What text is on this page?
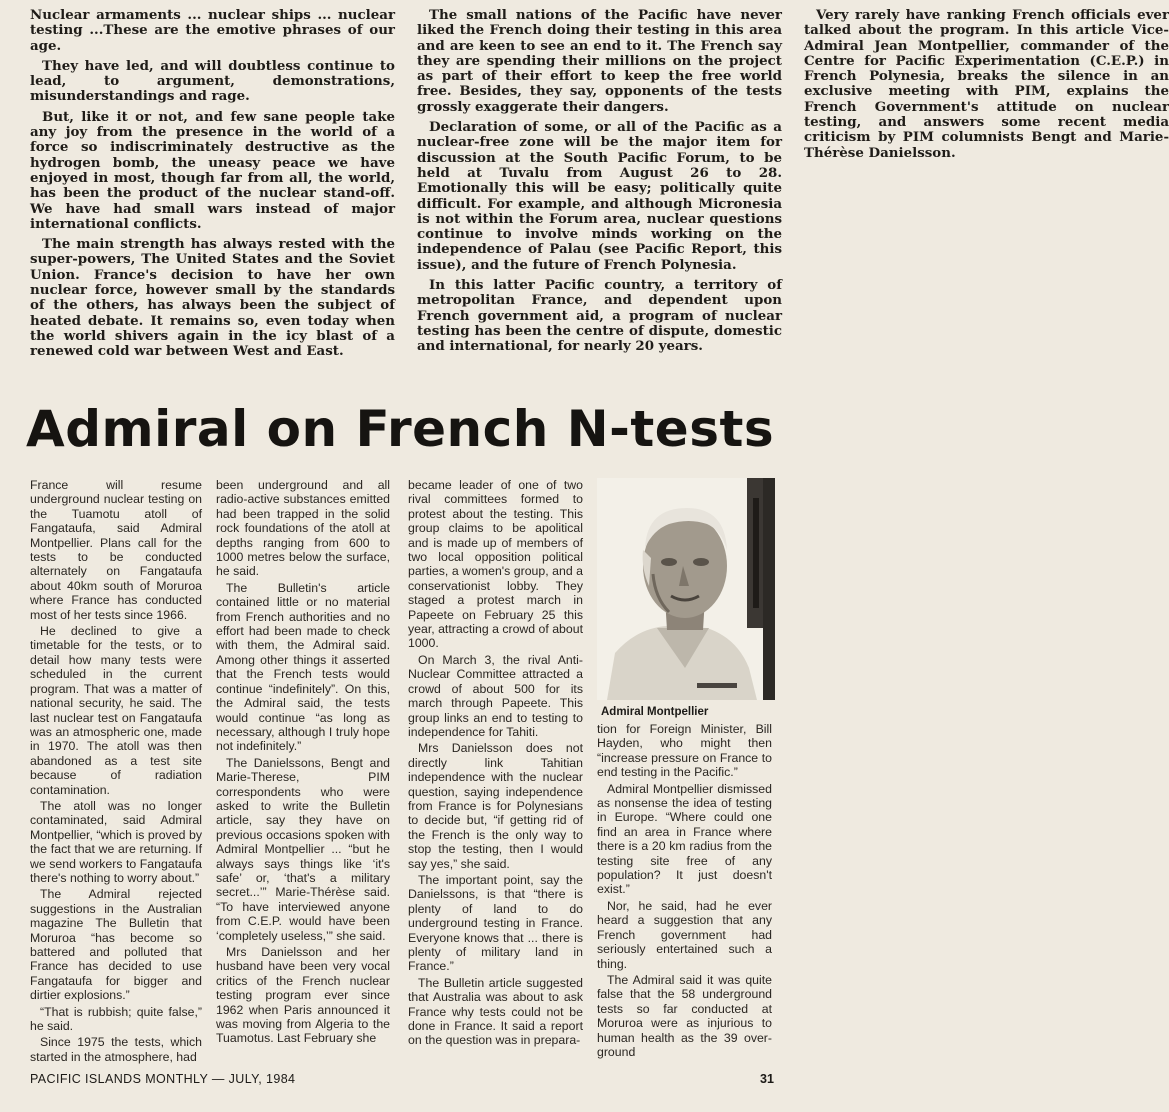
Nuclear armaments ... nuclear ships ... nuclear testing ...These are the emotive phrases of our age.

They have led, and will doubtless continue to lead, to argument, demonstrations, misunderstandings and rage.

But, like it or not, and few sane people take any joy from the presence in the world of a force so indiscriminately destructive as the hydrogen bomb, the uneasy peace we have enjoyed in most, though far from all, the world, has been the product of the nuclear stand-off. We have had small wars instead of major international conflicts.

The main strength has always rested with the super-powers, The United States and the Soviet Union. France's decision to have her own nuclear force, however small by the standards of the others, has always been the subject of heated debate. It remains so, even today when the world shivers again in the icy blast of a renewed cold war between West and East.

The small nations of the Pacific have never liked the French doing their testing in this area and are keen to see an end to it. The French say they are spending their millions on the project as part of their effort to keep the free world free. Besides, they say, opponents of the tests grossly exaggerate their dangers.

Declaration of some, or all of the Pacific as a nuclear-free zone will be the major item for discussion at the South Pacific Forum, to be held at Tuvalu from August 26 to 28. Emotionally this will be easy; politically quite difficult. For example, and although Micronesia is not within the Forum area, nuclear questions continue to involve minds working on the independence of Palau (see Pacific Report, this issue), and the future of French Polynesia.

In this latter Pacific country, a territory of metropolitan France, and dependent upon French government aid, a program of nuclear testing has been the centre of dispute, domestic and international, for nearly 20 years.

Very rarely have ranking French officials ever talked about the program. In this article Vice-Admiral Jean Montpellier, commander of the Centre for Pacific Experimentation (C.E.P.) in French Polynesia, breaks the silence in an exclusive meeting with PIM, explains the French Government's attitude on nuclear testing, and answers some recent media criticism by PIM columnists Bengt and Marie-Thérèse Danielsson.

Admiral on French N-tests

France will resume underground nuclear testing on the Tuamotu atoll of Fangataufa, said Admiral Montpellier. Plans call for the tests to be conducted alternately on Fangataufa about 40km south of Moruroa where France has conducted most of her tests since 1966.

He declined to give a timetable for the tests, or to detail how many tests were scheduled in the current program. That was a matter of national security, he said. The last nuclear test on Fangataufa was an atmospheric one, made in 1970. The atoll was then abandoned as a test site because of radiation contamination.

The atoll was no longer contaminated, said Admiral Montpellier, “which is proved by the fact that we are returning. If we send workers to Fangataufa there's nothing to worry about.”

The Admiral rejected suggestions in the Australian magazine The Bulletin that Moruroa “has become so battered and polluted that France has decided to use Fangataufa for bigger and dirtier explosions.”

“That is rubbish; quite false,” he said.

Since 1975 the tests, which started in the atmosphere, had

been underground and all radio-active substances emitted had been trapped in the solid rock foundations of the atoll at depths ranging from 600 to 1000 metres below the surface, he said.

The Bulletin's article contained little or no material from French authorities and no effort had been made to check with them, the Admiral said. Among other things it asserted that the French tests would continue “indefinitely”. On this, the Admiral said, the tests would continue “as long as necessary, although I truly hope not indefinitely.”

The Danielssons, Bengt and Marie-Therese, PIM correspondents who were asked to write the Bulletin article, say they have on previous occasions spoken with Admiral Montpellier ... “but he always says things like ‘it's safe’ or, ‘that's a military secret...’” Marie-Thérèse said. “To have interviewed anyone from C.E.P. would have been ‘completely useless,’” she said.

Mrs Danielsson and her husband have been very vocal critics of the French nuclear testing program ever since 1962 when Paris announced it was moving from Algeria to the Tuamotus. Last February she

became leader of one of two rival committees formed to protest about the testing. This group claims to be apolitical and is made up of members of two local opposition political parties, a women's group, and a conservationist lobby. They staged a protest march in Papeete on February 25 this year, attracting a crowd of about 1000.

On March 3, the rival Anti-Nuclear Committee attracted a crowd of about 500 for its march through Papeete. This group links an end to testing to independence for Tahiti.

Mrs Danielsson does not directly link Tahitian independence with the nuclear question, saying independence from France is for Polynesians to decide but, “if getting rid of the French is the only way to stop the testing, then I would say yes,” she said.

The important point, say the Danielssons, is that “there is plenty of land to do underground testing in France. Everyone knows that ... there is plenty of military land in France.”

The Bulletin article suggested that Australia was about to ask France why tests could not be done in France. It said a report on the question was in prepara-

Admiral Montpellier

tion for Foreign Minister, Bill Hayden, who might then “increase pressure on France to end testing in the Pacific.”

Admiral Montpellier dismissed as nonsense the idea of testing in Europe. “Where could one find an area in France where there is a 20 km radius from the testing site free of any population? It just doesn't exist.”

Nor, he said, had he ever heard a suggestion that any French government had seriously entertained such a thing.

The Admiral said it was quite false that the 58 underground tests so far conducted at Moruroa were as injurious to human health as the 39 over-ground

PACIFIC ISLANDS MONTHLY — JULY, 1984	31
